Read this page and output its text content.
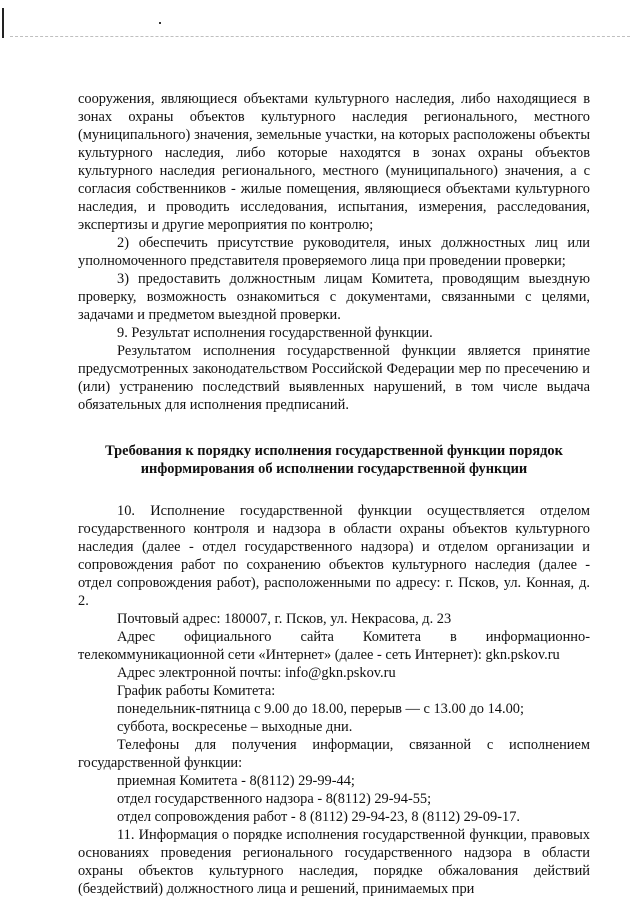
сооружения, являющиеся объектами культурного наследия, либо находящиеся в зонах охраны объектов культурного наследия регионального, местного (муниципального) значения, земельные участки, на которых расположены объекты культурного наследия, либо которые находятся в зонах охраны объектов культурного наследия регионального, местного (муниципального) значения, а с согласия собственников - жилые помещения, являющиеся объектами культурного наследия, и проводить исследования, испытания, измерения, расследования, экспертизы и другие мероприятия по контролю;

2) обеспечить присутствие руководителя, иных должностных лиц или уполномоченного представителя проверяемого лица при проведении проверки;

3) предоставить должностным лицам Комитета, проводящим выездную проверку, возможность ознакомиться с документами, связанными с целями, задачами и предметом выездной проверки.

9. Результат исполнения государственной функции.

Результатом исполнения государственной функции является принятие предусмотренных законодательством Российской Федерации мер по пресечению и (или) устранению последствий выявленных нарушений, в том числе выдача обязательных для исполнения предписаний.

Требования к порядку исполнения государственной функции порядок информирования об исполнении государственной функции

10. Исполнение государственной функции осуществляется отделом государственного контроля и надзора в области охраны объектов культурного наследия (далее - отдел государственного надзора) и отделом организации и сопровождения работ по сохранению объектов культурного наследия (далее - отдел сопровождения работ), расположенными по адресу: г. Псков, ул. Конная, д. 2.

Почтовый адрес: 180007, г. Псков, ул. Некрасова, д. 23

Адрес официального сайта Комитета в информационно-телекоммуникационной сети «Интернет» (далее - сеть Интернет): gkn.pskov.ru

Адрес электронной почты: info@gkn.pskov.ru

График работы Комитета:

понедельник-пятница с 9.00 до 18.00, перерыв — с 13.00 до 14.00;

суббота, воскресенье – выходные дни.

Телефоны для получения информации, связанной с исполнением государственной функции:

приемная Комитета - 8(8112) 29-99-44;

отдел государственного надзора - 8(8112) 29-94-55;

отдел сопровождения работ - 8 (8112) 29-94-23, 8 (8112) 29-09-17.

11. Информация о порядке исполнения государственной функции, правовых основаниях проведения регионального государственного надзора в области охраны объектов культурного наследия, порядке обжалования действий (бездействий) должностного лица и решений, принимаемых при
